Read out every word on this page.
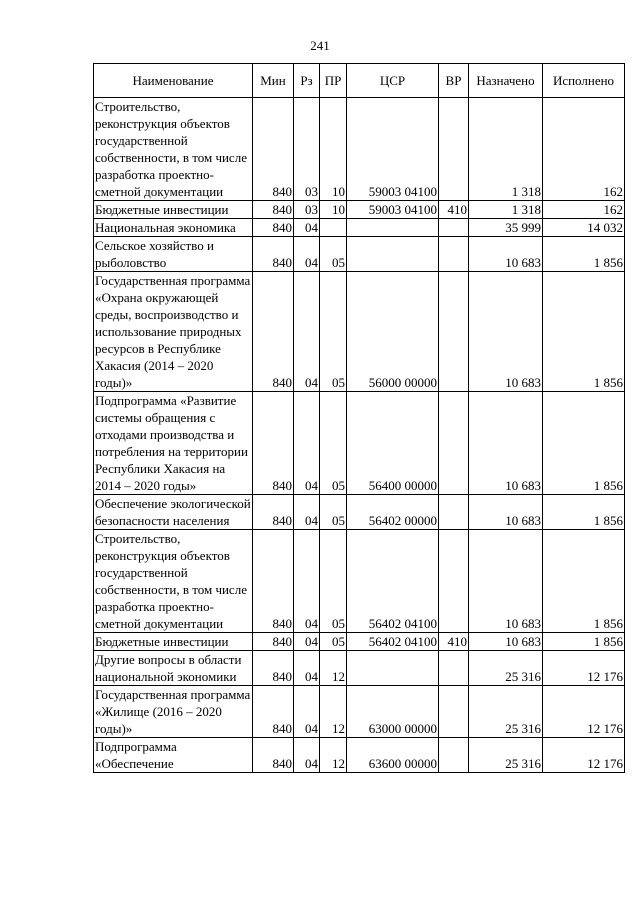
241
Наименование	Мин	Рз	ПР	ЦСР	ВР	Назначено	Исполнено
Строительство, реконструкция объектов государственной собственности, в том числе разработка проектно-сметной документации	840	03	10	59003 04100		1 318	162
Бюджетные инвестиции	840	03	10	59003 04100	410	1 318	162
Национальная экономика	840	04				35 999	14 032
Сельское хозяйство и рыболовство	840	04	05			10 683	1 856
Государственная программа «Охрана окружающей среды, воспроизводство и использование природных ресурсов в Республике Хакасия (2014 – 2020 годы)»	840	04	05	56000 00000		10 683	1 856
Подпрограмма «Развитие системы обращения с отходами производства и потребления на территории Республики Хакасия на 2014 – 2020 годы»	840	04	05	56400 00000		10 683	1 856
Обеспечение экологической безопасности населения	840	04	05	56402 00000		10 683	1 856
Строительство, реконструкция объектов государственной собственности, в том числе разработка проектно-сметной документации	840	04	05	56402 04100		10 683	1 856
Бюджетные инвестиции	840	04	05	56402 04100	410	10 683	1 856
Другие вопросы в области национальной экономики	840	04	12			25 316	12 176
Государственная программа «Жилище (2016 – 2020 годы)»	840	04	12	63000 00000		25 316	12 176
Подпрограмма «Обеспечение	840	04	12	63600 00000		25 316	12 176
